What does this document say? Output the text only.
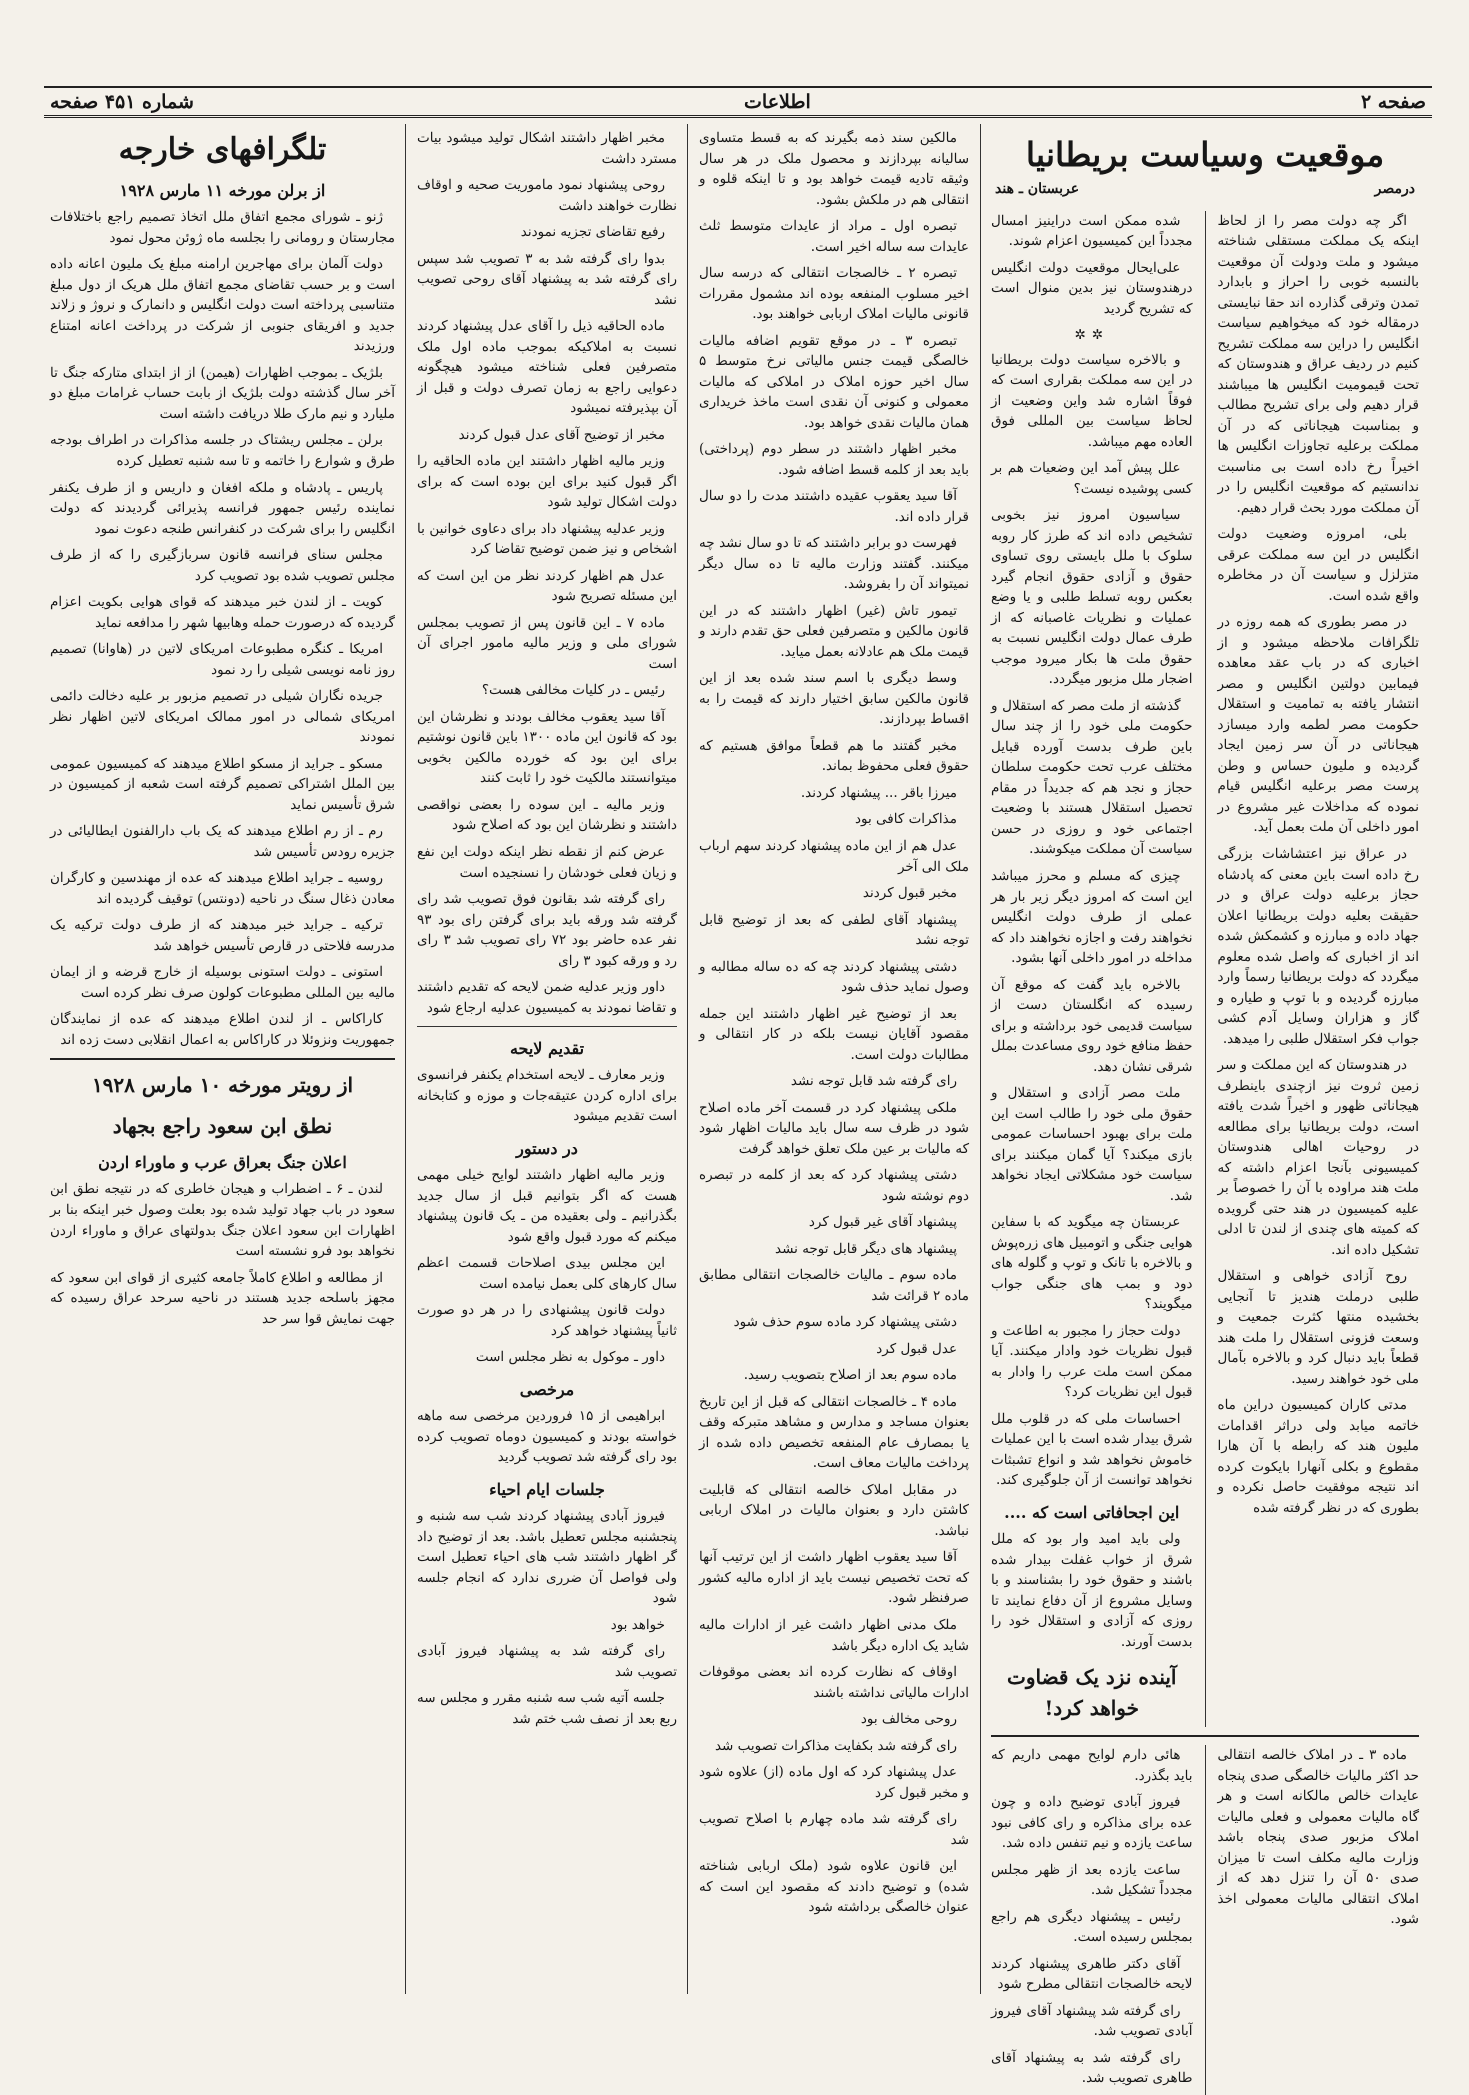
صفحه ۲
اطلاعات
شماره ۴۵۱ صفحه
موقعیت وسیاست بریطانیا
درمصر
عربستان ـ هند

اگر چه دولت مصر را از لحاظ اینکه یک مملکت مستقلی شناخته میشود و ملت ودولت آن موقعیت بالنسبه خوبی را احراز و بابدارد تمدن وترقی گذارده اند حقا نبایستی درمقاله خود که میخواهیم سیاست انگلیس را دراین سه مملکت تشریح کنیم در ردیف عراق و هندوستان که تحت قیمومیت انگلیس ها میباشند قرار دهیم ولی برای تشریح مطالب و بمناسبت هیجاناتی که در آن مملکت برعلیه تجاوزات انگلیس ها اخیراً رخ داده است بی مناسبت ندانستیم که موقعیت انگلیس را در آن مملکت مورد بحث قرار دهیم.

بلی، امروزه وضعیت دولت انگلیس در این سه مملکت عرقی متزلزل و سیاست آن در مخاطره واقع شده است.

در مصر بطوری که همه روزه در تلگرافات ملاحظه میشود و از اخباری که در باب عقد معاهده فیمابین دولتین انگلیس و مصر انتشار یافته به تمامیت و استقلال حکومت مصر لطمه وارد میسازد هیجاناتی در آن سر زمین ایجاد گردیده و ملیون حساس و وطن پرست مصر برعلیه انگلیس قیام نموده که مداخلات غیر مشروع در امور داخلی آن ملت بعمل آید.

در عراق نیز اعتشاشات بزرگی رخ داده است باین معنی که پادشاه حجاز برعلیه دولت عراق و در حقیقت بعلیه دولت بریطانیا اعلان جهاد داده و مبارزه و کشمکش شده اند از اخباری که واصل شده معلوم میگردد که دولت بریطانیا رسماً وارد مبارزه گردیده و با توپ و طیاره و گاز و هزاران وسایل آدم کشی جواب فکر استقلال طلبی را میدهد.

در هندوستان که این مملکت و سر زمین ثروت نیز ازچندی باینطرف هیجاناتی ظهور و اخیراً شدت یافته است، دولت بریطانیا برای مطالعه در روحیات اهالی هندوستان کمیسیونی بآنجا اعزام داشته که ملت هند مراوده با آن را خصوصاً بر علیه کمیسیون در هند حتی گرویده که کمیته های چندی از لندن تا ادلی تشکیل داده اند.

روح آزادی خواهی و استقلال طلبی درملت هندیز تا آنجایی بخشیده منتها کثرت جمعیت و وسعت فزونی استقلال را ملت هند قطعاً باید دنبال کرد و بالاخره بآمال ملی خود خواهند رسید.

مدتی کاران کمیسیون دراین ماه خاتمه میابد ولی دراثر اقدامات ملیون هند که رابطه با آن هارا مقطوع و بکلی آنهارا بایکوت کرده اند نتیجه موفقیت حاصل نکرده و بطوری که در نظر گرفته شده

شده ممکن است دراینیز امسال مجدداً این کمیسیون اعزام شوند.

علی‌ایحال موقعیت دولت انگلیس درهندوستان نیز بدین منوال است که تشریح گردید

✲✲

و بالاخره سیاست دولت بریطانیا در این سه مملکت بقراری است که فوقاً اشاره شد واین وضعیت از لحاظ سیاست بین المللی فوق العاده مهم میباشد.

علل پیش آمد این وضعیات هم بر کسی پوشیده نیست؟

سیاسیون امروز نیز بخوبی تشخیص داده اند که طرز کار روبه سلوک با ملل بایستی روی تساوی حقوق و آزادی حقوق انجام گیرد بعکس روبه تسلط طلبی و یا وضع عملیات و نظریات غاصبانه که از طرف عمال دولت انگلیس نسبت به حقوق ملت ها بکار میرود موجب اضجار ملل مزبور میگردد.

گذشته از ملت مصر که استقلال و حکومت ملی خود را از چند سال باین طرف بدست آورده قبایل مختلف عرب تحت حکومت سلطان حجاز و نجد هم که جدیداً در مقام تحصیل استقلال هستند با وضعیت اجتماعی خود و روزی در حسن سیاست آن مملکت میکوشند.

چیزی که مسلم و محرز میباشد این است که امروز دیگر زیر بار هر عملی از طرف دولت انگلیس نخواهند رفت و اجازه نخواهند داد که مداخله در امور داخلی آنها بشود.

بالاخره باید گفت که موقع آن رسیده که انگلستان دست از سیاست قدیمی خود برداشته و برای حفظ منافع خود روی مساعدت بملل شرقی نشان دهد.

ملت مصر آزادی و استقلال و حقوق ملی خود را طالب است این ملت برای بهبود احساسات عمومی بازی میکند؟ آیا گمان میکنند برای سیاست خود مشکلاتی ایجاد نخواهد شد.

عربستان چه میگوید که با سفاین هوایی جنگی و اتومبیل های زره‌پوش و بالاخره با تانک و توپ و گلوله های دود و بمب های جنگی جواب میگویند؟

دولت حجاز را مجبور به اطاعت و قبول نظریات خود وادار میکنند. آیا ممکن است ملت عرب را وادار به قبول این نظریات کرد؟

احساسات ملی که در قلوب ملل شرق بیدار شده است با این عملیات خاموش نخواهد شد و انواع تشبثات نخواهد توانست از آن جلوگیری کند.

این اجحافاتی است که ....

ولی باید امید وار بود که ملل شرق از خواب غفلت بیدار شده باشند و حقوق خود را بشناسند و با وسایل مشروع از آن دفاع نمایند تا روزی که آزادی و استقلال خود را بدست آورند.

آینده نزد یک قضاوت خواهد کرد!

ماده ۳ ـ در املاک خالصه انتقالی حد اکثر مالیات خالصگی صدی پنجاه عایدات خالص مالکانه است و هر گاه مالیات معمولی و فعلی مالیات املاک مزبور صدی پنجاه باشد وزارت مالیه مکلف است تا میزان صدی ۵۰ آن را تنزل دهد که از املاک انتقالی مالیات معمولی اخذ شود.

هائی دارم لوایح مهمی داریم که باید بگذرد.

فیروز آبادی توضیح داده و چون عده برای مذاکره و رای کافی نبود ساعت یازده و نیم تنفس داده شد.

ساعت یازده بعد از ظهر مجلس مجدداً تشکیل شد.

رئیس ـ پیشنهاد دیگری هم راجع بمجلس رسیده است.

آقای دکتر طاهری پیشنهاد کردند لایحه خالصجات انتقالی مطرح شود

رای گرفته شد پیشنهاد آقای فیروز آبادی تصویب شد.

رای گرفته شد به پیشنهاد آقای طاهری تصویب شد.

مالکین سند ذمه بگیرند که به قسط متساوی سالیانه بپردازند و محصول ملک در هر سال وثیقه تادیه قیمت خواهد بود و تا اینکه قلوه و انتقالی هم در ملکش بشود.

تبصره اول ـ مراد از عایدات متوسط ثلث عایدات سه ساله اخیر است.

تبصره ۲ ـ خالصجات انتقالی که درسه سال اخیر مسلوب المنفعه بوده اند مشمول مقررات قانونی مالیات املاک اربابی خواهند بود.

تبصره ۳ ـ در موقع تقویم اضافه مالیات خالصگی قیمت جنس مالیاتی نرخ متوسط ۵ سال اخیر حوزه املاک در املاکی که مالیات معمولی و کنونی آن نقدی است ماخذ خریداری همان مالیات نقدی خواهد بود.

مخبر اظهار داشتند در سطر دوم (پرداختی) باید بعد از کلمه قسط اضافه شود.

آقا سید یعقوب عقیده داشتند مدت را دو سال قرار داده اند.

فهرست دو برابر داشتند که تا دو سال نشد چه میکنند. گفتند وزارت مالیه تا ده سال دیگر نمیتواند آن را بفروشد.

تیمور تاش (غیر) اظهار داشتند که در این قانون مالکین و متصرفین فعلی حق تقدم دارند و قیمت ملک هم عادلانه بعمل میاید.

وسط دیگری با اسم سند شده بعد از این قانون مالکین سابق اختیار دارند که قیمت را به اقساط بپردازند.

مخبر گفتند ما هم قطعاً موافق هستیم که حقوق فعلی محفوظ بماند.

میرزا باقر ... پیشنهاد کردند.

مذاکرات کافی بود

عدل هم از این ماده پیشنهاد کردند سهم ارباب ملک الی آخر

مخبر قبول کردند

پیشنهاد آقای لطفی که بعد از توضیح قابل توجه نشد

دشتی پیشنهاد کردند چه که ده ساله مطالبه و وصول نماید حذف شود

بعد از توضیح غیر اظهار داشتند این جمله مقصود آقایان نیست بلکه در کار انتقالی و مطالبات دولت است.

رای گرفته شد قابل توجه نشد

ملکی پیشنهاد کرد در قسمت آخر ماده اصلاح شود در ظرف سه سال باید مالیات اظهار شود که مالیات بر عین ملک تعلق خواهد گرفت

دشتی پیشنهاد کرد که بعد از کلمه در تبصره دوم نوشته شود

پیشنهاد آقای غیر قبول کرد

پیشنهاد های دیگر قابل توجه نشد

ماده سوم ـ مالیات خالصجات انتقالی مطابق ماده ۲ قرائت شد

دشتی پیشنهاد کرد ماده سوم حذف شود

عدل قبول کرد

ماده سوم بعد از اصلاح بتصویب رسید.

ماده ۴ ـ خالصجات انتقالی که قبل از این تاریخ بعنوان مساجد و مدارس و مشاهد متبرکه وقف یا بمصارف عام المنفعه تخصیص داده شده از پرداخت مالیات معاف است.

در مقابل املاک خالصه انتقالی که قابلیت کاشتن دارد و بعنوان مالیات در املاک اربابی نباشد.

آقا سید یعقوب اظهار داشت از این ترتیب آنها که تحت تخصیص نیست باید از اداره مالیه کشور صرفنظر شود.

ملک مدنی اظهار داشت غیر از ادارات مالیه شاید یک اداره دیگر باشد

اوقاف که نظارت کرده اند بعضی موقوفات ادارات مالیاتی نداشته باشند

روحی مخالف بود

رای گرفته شد بکفایت مذاکرات تصویب شد

عدل پیشنهاد کرد که اول ماده (از) علاوه شود و مخبر قبول کرد

رای گرفته شد ماده چهارم با اصلاح تصویب شد

این قانون علاوه شود (ملک اربابی شناخته شده) و توضیح دادند که مقصود این است که عنوان خالصگی برداشته شود

مخبر اظهار داشتند اشکال تولید میشود بیات مسترد داشت

روحی پیشنهاد نمود ماموریت صحیه و اوقاف نظارت خواهند داشت

رفیع تقاضای تجزیه نمودند

بدوا رای گرفته شد به ۳ تصویب شد سپس رای گرفته شد به پیشنهاد آقای روحی تصویب نشد

ماده الحاقیه ذیل را آقای عدل پیشنهاد کردند نسبت به املاکیکه بموجب ماده اول ملک متصرفین فعلی شناخته میشود هیچگونه دعوایی راجع به زمان تصرف دولت و قبل از آن بپذیرفته نمیشود

مخبر از توضیح آقای عدل قبول کردند

وزیر مالیه اظهار داشتند این ماده الحاقیه را اگر قبول کنید برای این بوده است که برای دولت اشکال تولید شود

وزیر عدلیه پیشنهاد داد برای دعاوی خوانین با اشخاص و نیز ضمن توضیح تقاضا کرد

عدل هم اظهار کردند نظر من این است که این مسئله تصریح شود

ماده ۷ ـ این قانون پس از تصویب بمجلس شورای ملی و وزیر مالیه مامور اجرای آن است

رئیس ـ در کلیات مخالفی هست؟

آقا سید یعقوب مخالف بودند و نظرشان این بود که قانون این ماده ۱۳۰۰ باین قانون نوشتیم برای این بود که خورده مالکین بخوبی میتوانستند مالکیت خود را ثابت کنند

وزیر مالیه ـ این سوده را بعضی نواقصی داشتند و نظرشان این بود که اصلاح شود

عرض کنم از نقطه نظر اینکه دولت این نفع و زیان فعلی خودشان را نسنجیده است

رای گرفته شد بقانون فوق تصویب شد رای گرفته شد ورقه باید برای گرفتن رای بود ۹۳ نفر عده حاضر بود ۷۲ رای تصویب شد ۳ رای رد و ورقه کبود ۳ رای

داور وزیر عدلیه ضمن لایحه که تقدیم داشتند و تقاضا نمودند به کمیسیون عدلیه ارجاع شود

تقدیم لایحه

وزیر معارف ـ لایحه استخدام یکنفر فرانسوی برای اداره کردن عتیقه‌جات و موزه و کتابخانه است تقدیم میشود

در دستور

وزیر مالیه اظهار داشتند لوایح خیلی مهمی هست که اگر بتوانیم قبل از سال جدید بگذرانیم ـ ولی بعقیده من ـ یک قانون پیشنهاد میکنم که مورد قبول واقع شود

این مجلس بیدی اصلاحات قسمت اعظم سال کارهای کلی بعمل نیامده است

دولت قانون پیشنهادی را در هر دو صورت ثانیاً پیشنهاد خواهد کرد

داور ـ موکول به نظر مجلس است

مرخصی

ابراهیمی از ۱۵ فروردین مرخصی سه ماهه خواسته بودند و کمیسیون دوماه تصویب کرده بود رای گرفته شد تصویب گردید

جلسات ایام احیاء

فیروز آبادی پیشنهاد کردند شب سه شنبه و پنجشنبه مجلس تعطیل باشد. بعد از توضیح داد گر اظهار داشتند شب های احیاء تعطیل است ولی فواصل آن ضرری ندارد که انجام جلسه شود

خواهد بود

رای گرفته شد به پیشنهاد فیروز آبادی تصویب شد

جلسه آتیه شب سه شنبه مقرر و مجلس سه ربع بعد از نصف شب ختم شد

تلگرافهای خارجه
از برلن مورخه ۱۱ مارس ۱۹۲۸

ژنو ـ شورای مجمع اتفاق ملل اتخاذ تصمیم راجع باختلافات مجارستان و رومانی را بجلسه ماه ژوئن محول نمود

دولت آلمان برای مهاجرین ارامنه مبلغ یک ملیون اعانه داده است و بر حسب تقاضای مجمع اتفاق ملل هریک از دول مبلغ متناسبی پرداخته است دولت انگلیس و دانمارک و نروژ و زلاند جدید و افریقای جنوبی از شرکت در پرداخت اعانه امتناع ورزیدند

بلژیک ـ بموجب اظهارات (هیمن) از از ابتدای متارکه جنگ تا آخر سال گذشته دولت بلژیک از بابت حساب غرامات مبلغ دو ملیارد و نیم مارک طلا دریافت داشته است

برلن ـ مجلس ریشتاک در جلسه مذاکرات در اطراف بودجه طرق و شوارع را خاتمه و تا سه شنبه تعطیل کرده

پاریس ـ پادشاه و ملکه افغان و داریس و از طرف یکنفر نماینده رئیس جمهور فرانسه پذیرائی گردیدند که دولت انگلیس را برای شرکت در کنفرانس طنجه دعوت نمود

مجلس سنای فرانسه قانون سربازگیری را که از طرف مجلس تصویب شده بود تصویب کرد

کویت ـ از لندن خبر میدهند که قوای هوایی بکویت اعزام گردیده که درصورت حمله وهابیها شهر را مدافعه نماید

امریکا ـ کنگره مطبوعات امریکای لاتین در (هاوانا) تصمیم روز نامه نویسی شیلی را رد نمود

جریده نگاران شیلی در تصمیم مزبور بر علیه دخالت دائمی امریکای شمالی در امور ممالک امریکای لاتین اظهار نظر نمودند

مسکو ـ جراید از مسکو اطلاع میدهند که کمیسیون عمومی بین الملل اشتراکی تصمیم گرفته است شعبه از کمیسیون در شرق تأسیس نماید

رم ـ از رم اطلاع میدهند که یک باب دارالفنون ایطالیائی در جزیره رودس تأسیس شد

روسیه ـ جراید اطلاع میدهند که عده از مهندسین و کارگران معادن ذغال سنگ در ناحیه (دونتس) توقیف گردیده اند

ترکیه ـ جراید خبر میدهند که از طرف دولت ترکیه یک مدرسه فلاحتی در قارص تأسیس خواهد شد

استونی ـ دولت استونی بوسیله از خارج قرضه و از ایمان مالیه بین المللی مطبوعات کولون صرف نظر کرده است

کاراکاس ـ از لندن اطلاع میدهند که عده از نمایندگان جمهوریت ونزوئلا در کاراکاس به اعمال انقلابی دست زده اند

از رویتر مورخه ۱۰ مارس ۱۹۲۸
نطق ابن سعود راجع بجهاد
اعلان جنگ بعراق عرب و ماوراء اردن

لندن ـ ۶ ـ اضطراب و هیجان خاطری که در نتیجه نطق ابن سعود در باب جهاد تولید شده بود بعلت وصول خبر اینکه بنا بر اظهارات ابن سعود اعلان جنگ بدولتهای عراق و ماوراء اردن نخواهد بود فرو نشسته است

از مطالعه و اطلاع کاملاً جامعه کثیری از قوای ابن سعود که مجهز باسلحه جدید هستند در ناحیه سرحد عراق رسیده که جهت نمایش قوا سر حد
